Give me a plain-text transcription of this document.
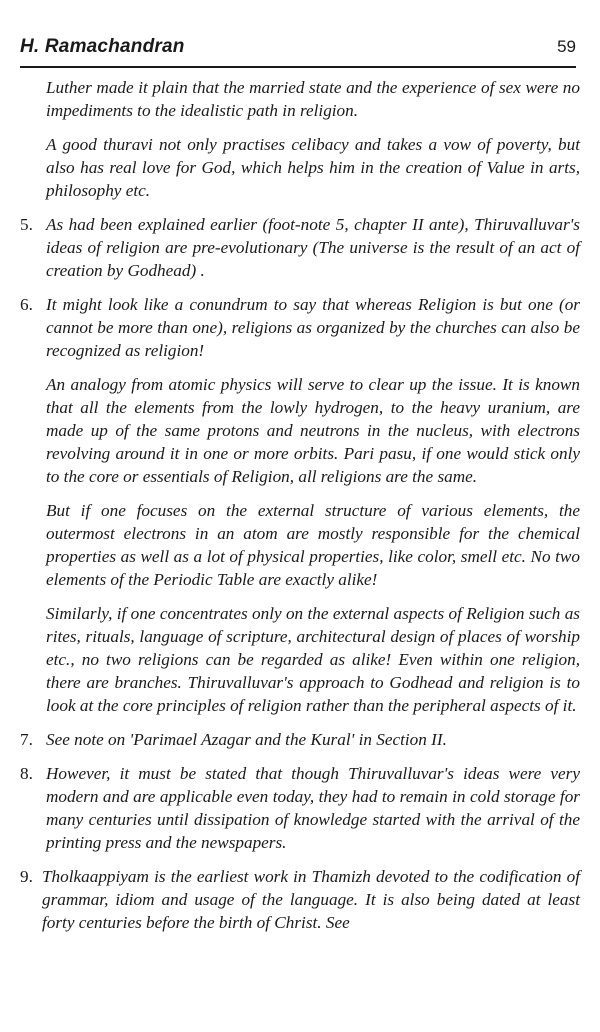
H. Ramachandran	59

Luther made it plain that the married state and the experience of sex were no impediments to the idealistic path in religion.

A good thuravi not only practises celibacy and takes a vow of poverty, but also has real love for God, which helps him in the creation of Value in arts, philosophy etc.

5. As had been explained earlier (foot-note 5, chapter II ante), Thiruvalluvar's ideas of religion are pre-evolutionary (The universe is the result of an act of creation by Godhead) .
6. It might look like a conundrum to say that whereas Religion is but one (or cannot be more than one), religions as organized by the churches can also be recognized as religion!

An analogy from atomic physics will serve to clear up the issue. It is known that all the elements from the lowly hydrogen, to the heavy uranium, are made up of the same protons and neutrons in the nucleus, with electrons revolving around it in one or more orbits. Pari pasu, if one would stick only to the core or essentials of Religion, all religions are the same.

But if one focuses on the external structure of various elements, the outermost electrons in an atom are mostly responsible for the chemical properties as well as a lot of physical properties, like color, smell etc. No two elements of the Periodic Table are exactly alike!

Similarly, if one concentrates only on the external aspects of Religion such as rites, rituals, language of scripture, architectural design of places of worship etc., no two religions can be regarded as alike! Even within one religion, there are branches. Thiruvalluvar's approach to Godhead and religion is to look at the core principles of religion rather than the peripheral aspects of it.

7. See note on 'Parimael Azagar and the Kural' in Section II.
8. However, it must be stated that though Thiruvalluvar's ideas were very modern and are applicable even today, they had to remain in cold storage for many centuries until dissipation of knowledge started with the arrival of the printing press and the newspapers.
9. Tholkaappiyam is the earliest work in Thamizh devoted to the codification of grammar, idiom and usage of the language. It is also being dated at least forty centuries before the birth of Christ. See
